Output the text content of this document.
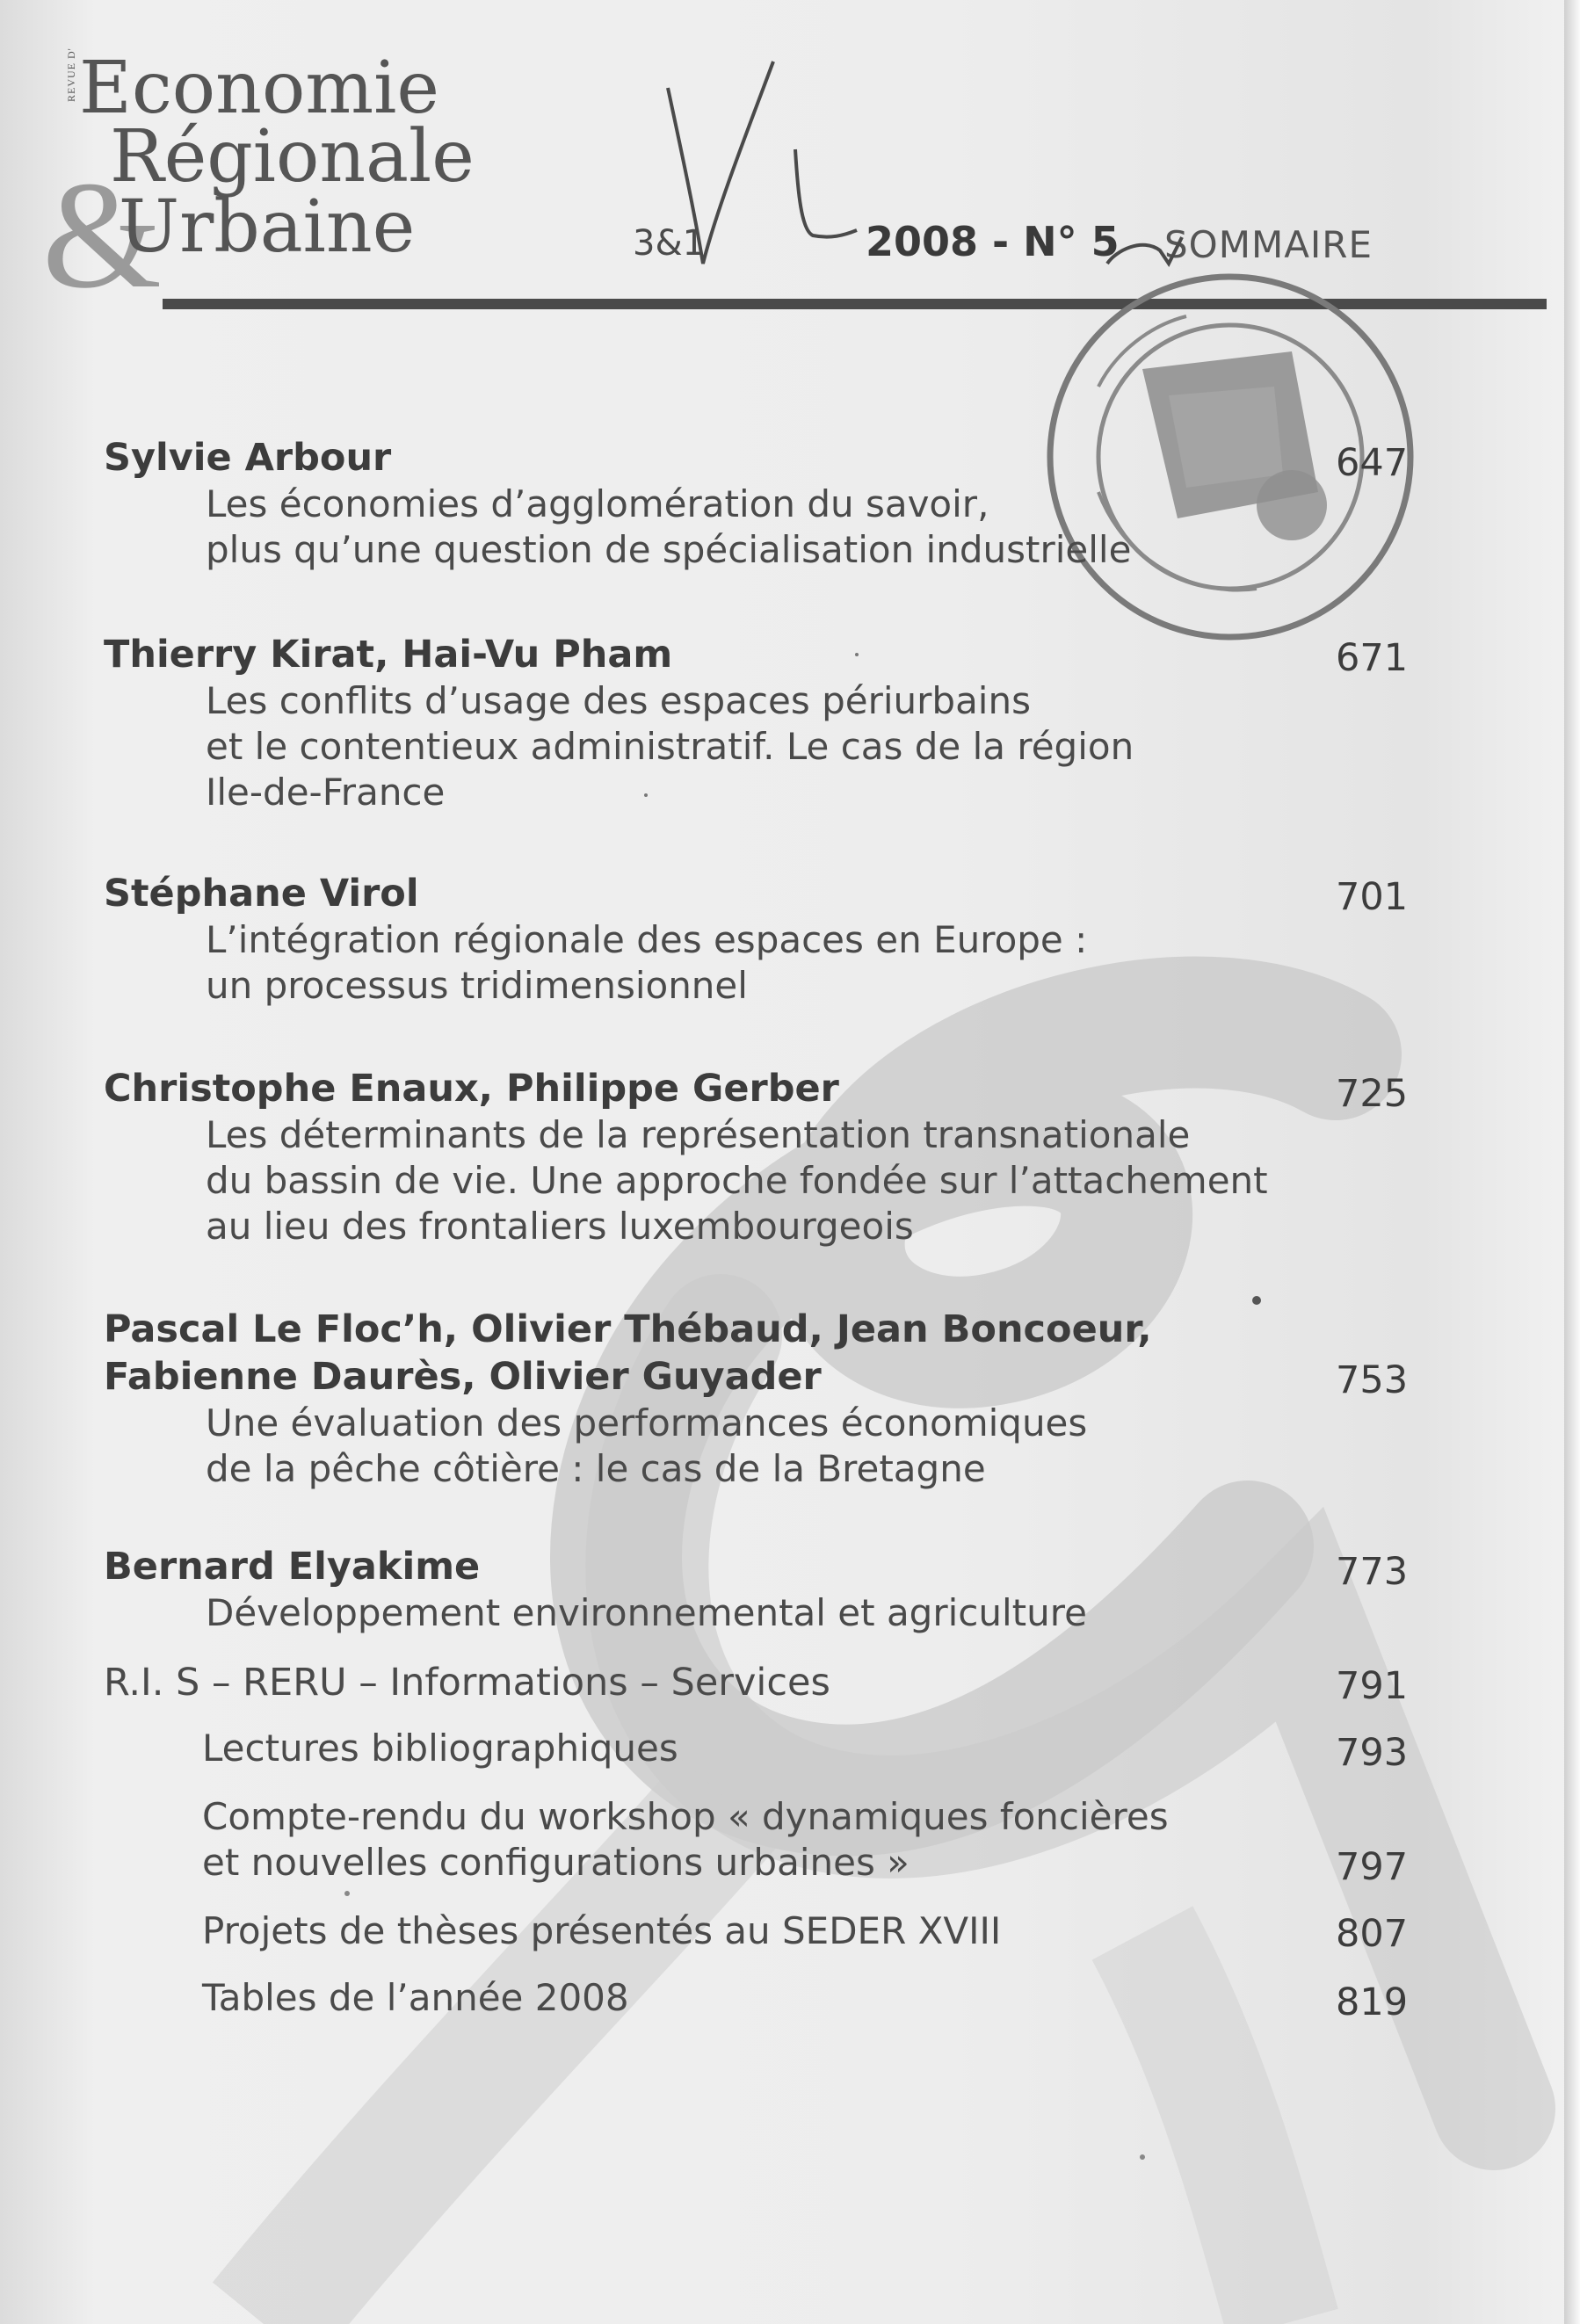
REVUE D'
&
Economie
Régionale
Urbaine	2008 - N° 5 SOMMAIRE
3&1
Sylvie Arbour
Les économies d’agglomération du savoir,
plus qu’une question de spécialisation industrielle
647
Thierry Kirat, Hai-Vu Pham
Les conflits d’usage des espaces périurbains
et le contentieux administratif. Le cas de la région
Ile-de-France
671
Stéphane Virol
L’intégration régionale des espaces en Europe :
un processus tridimensionnel
701
Christophe Enaux, Philippe Gerber
Les déterminants de la représentation transnationale
du bassin de vie. Une approche fondée sur l’attachement
au lieu des frontaliers luxembourgeois
725
Pascal Le Floc’h, Olivier Thébaud, Jean Boncoeur,
Fabienne Daurès, Olivier Guyader
Une évaluation des performances économiques
de la pêche côtière : le cas de la Bretagne
753
Bernard Elyakime
Développement environnemental et agriculture
773
R.I. S – RERU – Informations – Services	791
Lectures bibliographiques	793
Compte-rendu du workshop « dynamiques foncières
et nouvelles configurations urbaines »	797
Projets de thèses présentés au SEDER XVIII	807
Tables de l’année 2008	819
